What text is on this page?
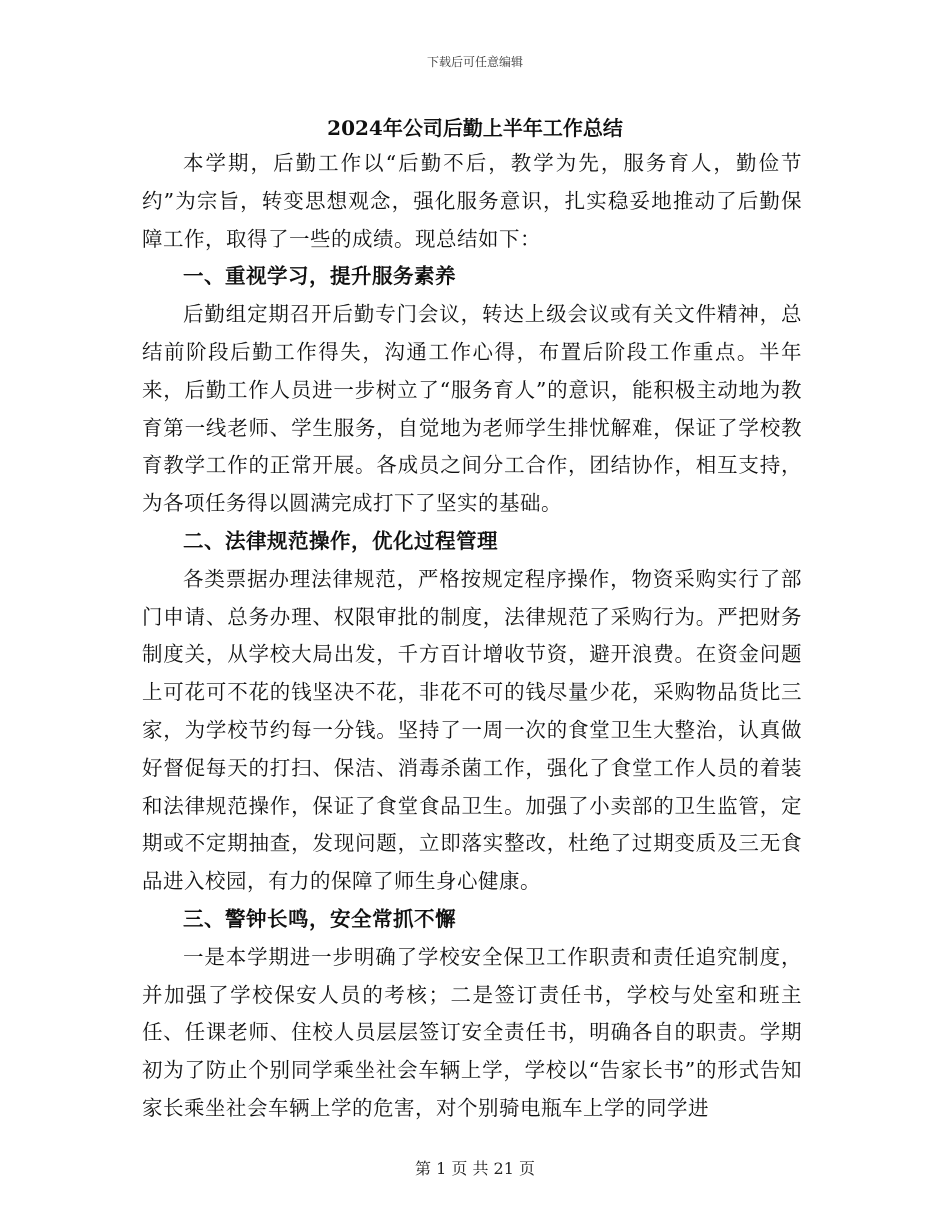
下载后可任意编辑
2024年公司后勤上半年工作总结

本学期，后勤工作以“后勤不后，教学为先，服务育人，勤俭节约”为宗旨，转变思想观念，强化服务意识，扎实稳妥地推动了后勤保障工作，取得了一些的成绩。现总结如下：

一、重视学习，提升服务素养

后勤组定期召开后勤专门会议，转达上级会议或有关文件精神，总结前阶段后勤工作得失，沟通工作心得，布置后阶段工作重点。半年来，后勤工作人员进一步树立了“服务育人”的意识，能积极主动地为教育第一线老师、学生服务，自觉地为老师学生排忧解难，保证了学校教育教学工作的正常开展。各成员之间分工合作，团结协作，相互支持，为各项任务得以圆满完成打下了坚实的基础。

二、法律规范操作，优化过程管理

各类票据办理法律规范，严格按规定程序操作，物资采购实行了部门申请、总务办理、权限审批的制度，法律规范了采购行为。严把财务制度关，从学校大局出发，千方百计增收节资，避开浪费。在资金问题上可花可不花的钱坚决不花，非花不可的钱尽量少花，采购物品货比三家，为学校节约每一分钱。坚持了一周一次的食堂卫生大整治，认真做好督促每天的打扫、保洁、消毒杀菌工作，强化了食堂工作人员的着装和法律规范操作，保证了食堂食品卫生。加强了小卖部的卫生监管，定期或不定期抽查，发现问题，立即落实整改，杜绝了过期变质及三无食品进入校园，有力的保障了师生身心健康。

三、警钟长鸣，安全常抓不懈

一是本学期进一步明确了学校安全保卫工作职责和责任追究制度，并加强了学校保安人员的考核；二是签订责任书，学校与处室和班主任、任课老师、住校人员层层签订安全责任书，明确各自的职责。学期初为了防止个别同学乘坐社会车辆上学，学校以“告家长书”的形式告知家长乘坐社会车辆上学的危害，对个别骑电瓶车上学的同学进

第 1 页 共 21 页
